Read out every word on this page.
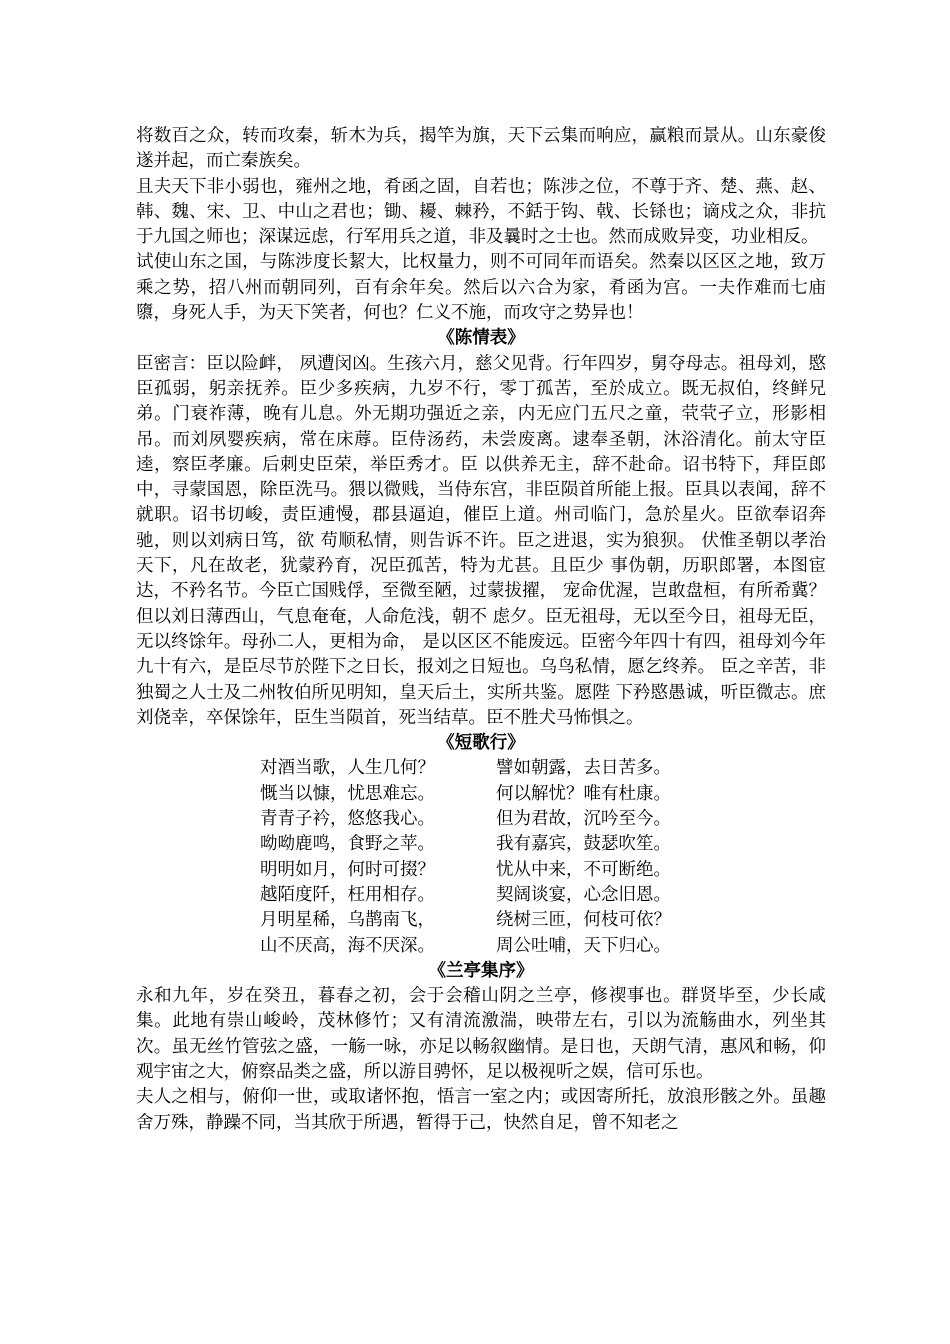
将数百之众，转而攻秦，斩木为兵，揭竿为旗，天下云集而响应，赢粮而景从。山东豪俊遂并起，而亡秦族矣。

且夫天下非小弱也，雍州之地，肴函之固，自若也；陈涉之位，不尊于齐、楚、燕、赵、韩、魏、宋、卫、中山之君也；锄、耰、棘矜，不銛于钩、戟、长铩也；谪戍之众，非抗于九国之师也；深谋远虑，行军用兵之道，非及曩时之士也。然而成败异变，功业相反。

试使山东之国，与陈涉度长絜大，比权量力，则不可同年而语矣。然秦以区区之地，致万乘之势，招八州而朝同列，百有余年矣。然后以六合为家，肴函为宫。一夫作难而七庙隳，身死人手，为天下笑者，何也？仁义不施，而攻守之势异也！

《陈情表》

臣密言：臣以险衅， 夙遭闵凶。生孩六月，慈父见背。行年四岁，舅夺母志。祖母刘，愍臣孤弱，躬亲抚养。臣少多疾病，九岁不行，零丁孤苦，至於成立。既无叔伯，终鲜兄弟。门衰祚薄，晚有儿息。外无期功强近之亲，内无应门五尺之童，茕茕孑立，形影相吊。而刘夙婴疾病，常在床蓐。臣侍汤药，未尝废离。逮奉圣朝，沐浴清化。前太守臣逵，察臣孝廉。后刺史臣荣，举臣秀才。臣 以供养无主，辞不赴命。诏书特下，拜臣郎中，寻蒙国恩，除臣洗马。猥以微贱，当侍东宫，非臣陨首所能上报。臣具以表闻，辞不就职。诏书切峻，责臣逋慢，郡县逼迫，催臣上道。州司临门，急於星火。臣欲奉诏奔驰，则以刘病日笃，欲 苟顺私情，则告诉不许。臣之进退，实为狼狈。 伏惟圣朝以孝治天下，凡在故老，犹蒙矜育，况臣孤苦，特为尤甚。且臣少 事伪朝，历职郎署，本图宦达，不矜名节。今臣亡国贱俘，至微至陋，过蒙拔擢， 宠命优渥，岂敢盘桓，有所希冀？但以刘日薄西山，气息奄奄，人命危浅，朝不 虑夕。臣无祖母，无以至今日，祖母无臣，无以终馀年。母孙二人，更相为命， 是以区区不能废远。臣密今年四十有四，祖母刘今年九十有六，是臣尽节於陛下之日长，报刘之日短也。乌鸟私情，愿乞终养。 臣之辛苦，非独蜀之人士及二州牧伯所见明知，皇天后土，实所共鉴。愿陛 下矜愍愚诚，听臣微志。庶刘侥幸，卒保馀年，臣生当陨首，死当结草。臣不胜犬马怖惧之。

《短歌行》

对酒当歌，人生几何？	譬如朝露，去日苦多。
慨当以慷，忧思难忘。	何以解忧？唯有杜康。
青青子衿，悠悠我心。	但为君故，沉吟至今。
呦呦鹿鸣，食野之苹。	我有嘉宾，鼓瑟吹笙。
明明如月，何时可掇？	忧从中来，不可断绝。
越陌度阡，枉用相存。	契阔谈宴，心念旧恩。
月明星稀，乌鹊南飞，	绕树三匝，何枝可依？
山不厌高，海不厌深。	周公吐哺，天下归心。

《兰亭集序》

永和九年，岁在癸丑，暮春之初，会于会稽山阴之兰亭，修禊事也。群贤毕至，少长咸集。此地有崇山峻岭，茂林修竹；又有清流激湍，映带左右，引以为流觞曲水，列坐其次。虽无丝竹管弦之盛，一觞一咏，亦足以畅叙幽情。是日也，天朗气清，惠风和畅，仰观宇宙之大，俯察品类之盛，所以游目骋怀，足以极视听之娱，信可乐也。

夫人之相与，俯仰一世，或取诸怀抱，悟言一室之内；或因寄所托，放浪形骸之外。虽趣舍万殊，静躁不同，当其欣于所遇，暂得于己，快然自足，曾不知老之
